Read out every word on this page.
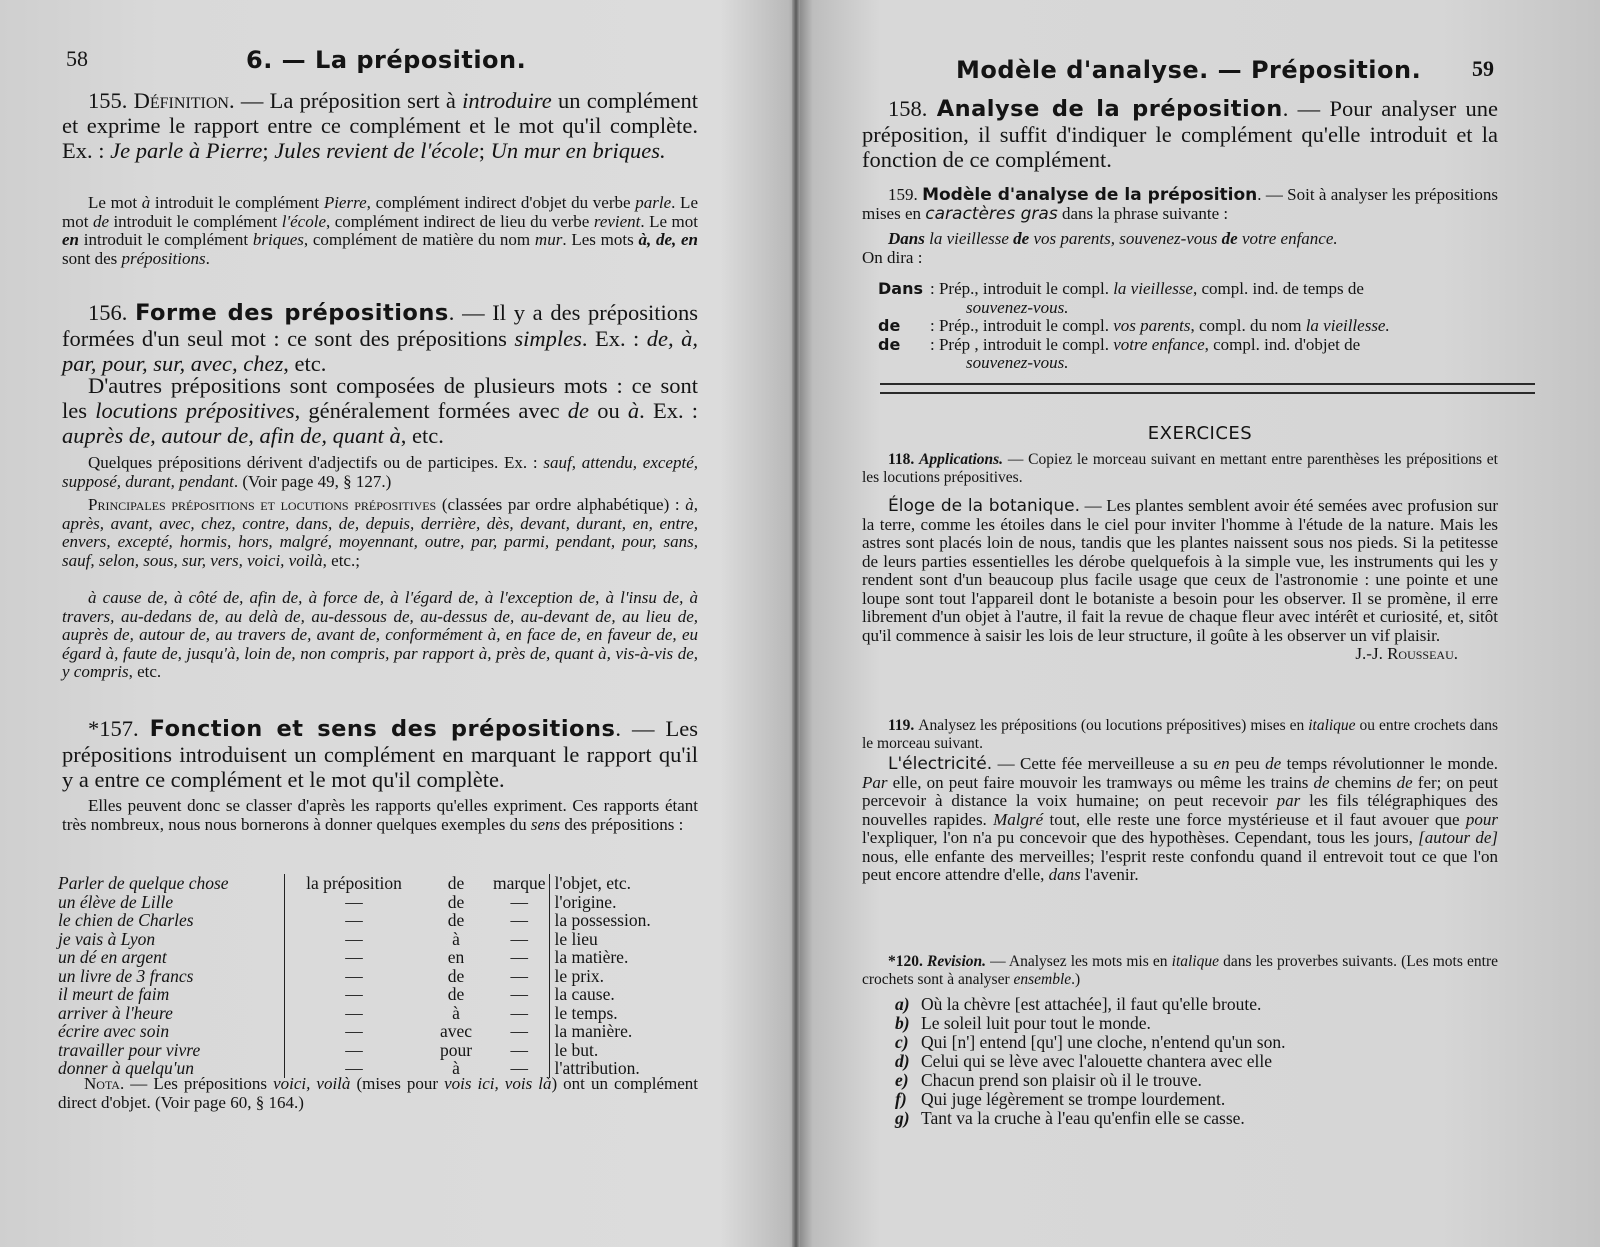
58	6. — La préposition.

155. Définition. — La préposition sert à introduire un complément et exprime le rapport entre ce complément et le mot qu'il complète. Ex. : Je parle à Pierre; Jules revient de l'école; Un mur en briques.

Le mot à introduit le complément Pierre, complément indirect d'objet du verbe parle. Le mot de introduit le complément l'école, complément indirect de lieu du verbe revient. Le mot en introduit le complément briques, complément de matière du nom mur. Les mots à, de, en sont des prépositions.

156. Forme des prépositions. — Il y a des prépositions formées d'un seul mot : ce sont des prépositions simples. Ex. : de, à, par, pour, sur, avec, chez, etc.

D'autres prépositions sont composées de plusieurs mots : ce sont les locutions prépositives, généralement formées avec de ou à. Ex. : auprès de, autour de, afin de, quant à, etc.

Quelques prépositions dérivent d'adjectifs ou de participes. Ex. : sauf, attendu, excepté, supposé, durant, pendant. (Voir page 49, § 127.)

Principales prépositions et locutions prépositives (classées par ordre alphabétique) : à, après, avant, avec, chez, contre, dans, de, depuis, derrière, dès, devant, durant, en, entre, envers, excepté, hormis, hors, malgré, moyennant, outre, par, parmi, pendant, pour, sans, sauf, selon, sous, sur, vers, voici, voilà, etc.;

à cause de, à côté de, afin de, à force de, à l'égard de, à l'exception de, à l'insu de, à travers, au-dedans de, au delà de, au-dessous de, au-dessus de, au-devant de, au lieu de, auprès de, autour de, au travers de, avant de, conformément à, en face de, en faveur de, eu égard à, faute de, jusqu'à, loin de, non compris, par rapport à, près de, quant à, vis-à-vis de, y compris, etc.

*157. Fonction et sens des prépositions. — Les prépositions introduisent un complément en marquant le rapport qu'il y a entre ce complément et le mot qu'il complète.

Elles peuvent donc se classer d'après les rapports qu'elles expriment. Ces rapports étant très nombreux, nous nous bornerons à donner quelques exemples du sens des prépositions :

Parler de quelque chose	la préposition	de	marque	l'objet, etc.
un élève de Lille	—	de	—	l'origine.
le chien de Charles	—	de	—	la possession.
je vais à Lyon	—	à	—	le lieu
un dé en argent	—	en	—	la matière.
un livre de 3 francs	—	de	—	le prix.
il meurt de faim	—	de	—	la cause.
arriver à l'heure	—	à	—	le temps.
écrire avec soin	—	avec	—	la manière.
travailler pour vivre	—	pour	—	le but.
donner à quelqu'un	—	à	—	l'attribution.

Nota. — Les prépositions voici, voilà (mises pour vois ici, vois là) ont un complément direct d'objet. (Voir page 60, § 164.)

Modèle d'analyse. — Préposition. 59

158. Analyse de la préposition. — Pour analyser une préposition, il suffit d'indiquer le complément qu'elle introduit et la fonction de ce complément.

159. Modèle d'analyse de la préposition. — Soit à analyser les prépositions mises en caractères gras dans la phrase suivante :

Dans la vieillesse de vos parents, souvenez-vous de votre enfance.

On dira :

Dans : Prép., introduit le compl. la vieillesse, compl. ind. de temps de
souvenez-vous.
de	: Prép., introduit le compl. vos parents, compl. du nom la vieillesse.
de	: Prép , introduit le compl. votre enfance, compl. ind. d'objet de
souvenez-vous.
EXERCICES

118. Applications. — Copiez le morceau suivant en mettant entre parenthèses les prépositions et les locutions prépositives.

Éloge de la botanique. — Les plantes semblent avoir été semées avec profusion sur la terre, comme les étoiles dans le ciel pour inviter l'homme à l'étude de la nature. Mais les astres sont placés loin de nous, tandis que les plantes naissent sous nos pieds. Si la petitesse de leurs parties essentielles les dérobe quelquefois à la simple vue, les instruments qui les y rendent sont d'un beaucoup plus facile usage que ceux de l'astronomie : une pointe et une loupe sont tout l'appareil dont le botaniste a besoin pour les observer. Il se promène, il erre librement d'un objet à l'autre, il fait la revue de chaque fleur avec intérêt et curiosité, et, sitôt qu'il commence à saisir les lois de leur structure, il goûte à les observer un vif plaisir.
J.-J. Rousseau.

119. Analysez les prépositions (ou locutions prépositives) mises en italique ou entre crochets dans le morceau suivant.

L'électricité. — Cette fée merveilleuse a su en peu de temps révolutionner le monde. Par elle, on peut faire mouvoir les tramways ou même les trains de chemins de fer; on peut percevoir à distance la voix humaine; on peut recevoir par les fils télégraphiques des nouvelles rapides. Malgré tout, elle reste une force mystérieuse et il faut avouer que pour l'expliquer, l'on n'a pu concevoir que des hypothèses. Cependant, tous les jours, [autour de] nous, elle enfante des merveilles; l'esprit reste confondu quand il entrevoit tout ce que l'on peut encore attendre d'elle, dans l'avenir.

*120. Revision. — Analysez les mots mis en italique dans les proverbes suivants. (Les mots entre crochets sont à analyser ensemble.)

a) Où la chèvre [est attachée], il faut qu'elle broute.
b) Le soleil luit pour tout le monde.
c) Qui [n'] entend [qu'] une cloche, n'entend qu'un son.
d) Celui qui se lève avec l'alouette chantera avec elle
e) Chacun prend son plaisir où il le trouve.
f) Qui juge légèrement se trompe lourdement.
g) Tant va la cruche à l'eau qu'enfin elle se casse.
